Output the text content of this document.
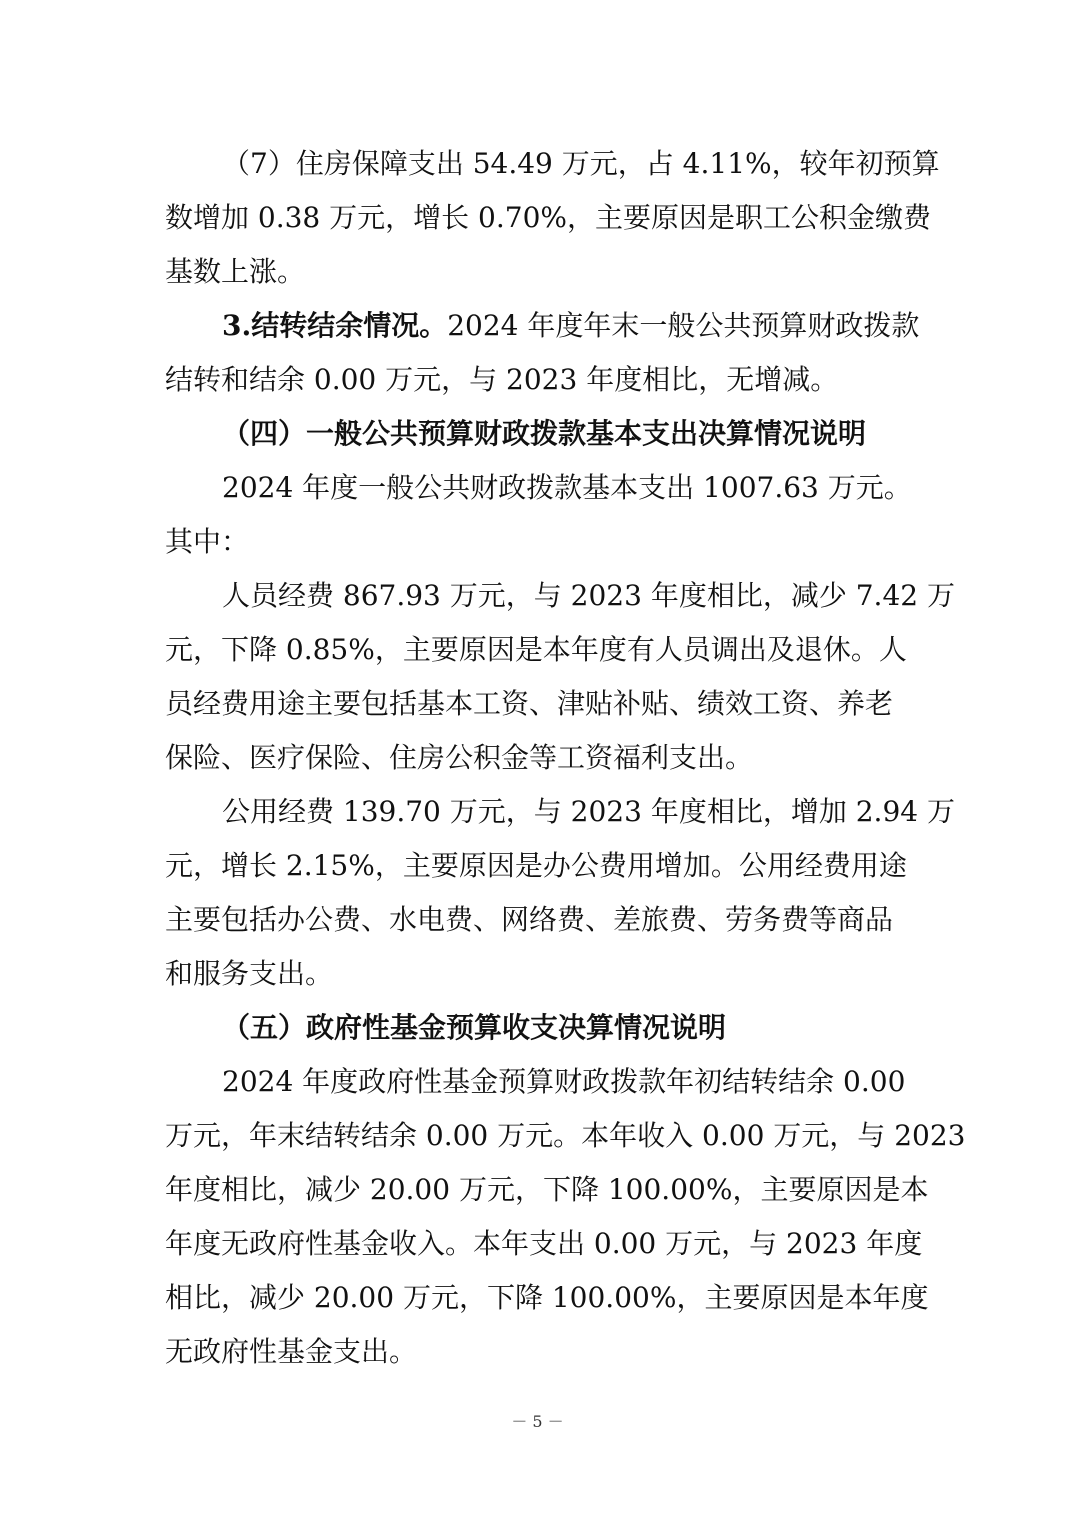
（7）住房保障支出 54.49 万元，占 4.11%，较年初预算
数增加 0.38 万元，增长 0.70%，主要原因是职工公积金缴费
基数上涨。
3.结转结余情况。2024 年度年末一般公共预算财政拨款
结转和结余 0.00 万元，与 2023 年度相比，无增减。
（四）一般公共预算财政拨款基本支出决算情况说明
2024 年度一般公共财政拨款基本支出 1007.63 万元。
其中：
人员经费 867.93 万元，与 2023 年度相比，减少 7.42 万
元，下降 0.85%，主要原因是本年度有人员调出及退休。人
员经费用途主要包括基本工资、津贴补贴、绩效工资、养老
保险、医疗保险、住房公积金等工资福利支出。
公用经费 139.70 万元，与 2023 年度相比，增加 2.94 万
元，增长 2.15%，主要原因是办公费用增加。公用经费用途
主要包括办公费、水电费、网络费、差旅费、劳务费等商品
和服务支出。
（五）政府性基金预算收支决算情况说明
2024 年度政府性基金预算财政拨款年初结转结余 0.00
万元，年末结转结余 0.00 万元。本年收入 0.00 万元，与 2023
年度相比，减少 20.00 万元，下降 100.00%，主要原因是本
年度无政府性基金收入。本年支出 0.00 万元，与 2023 年度
相比，减少 20.00 万元，下降 100.00%，主要原因是本年度
无政府性基金支出。
－ 5 －
